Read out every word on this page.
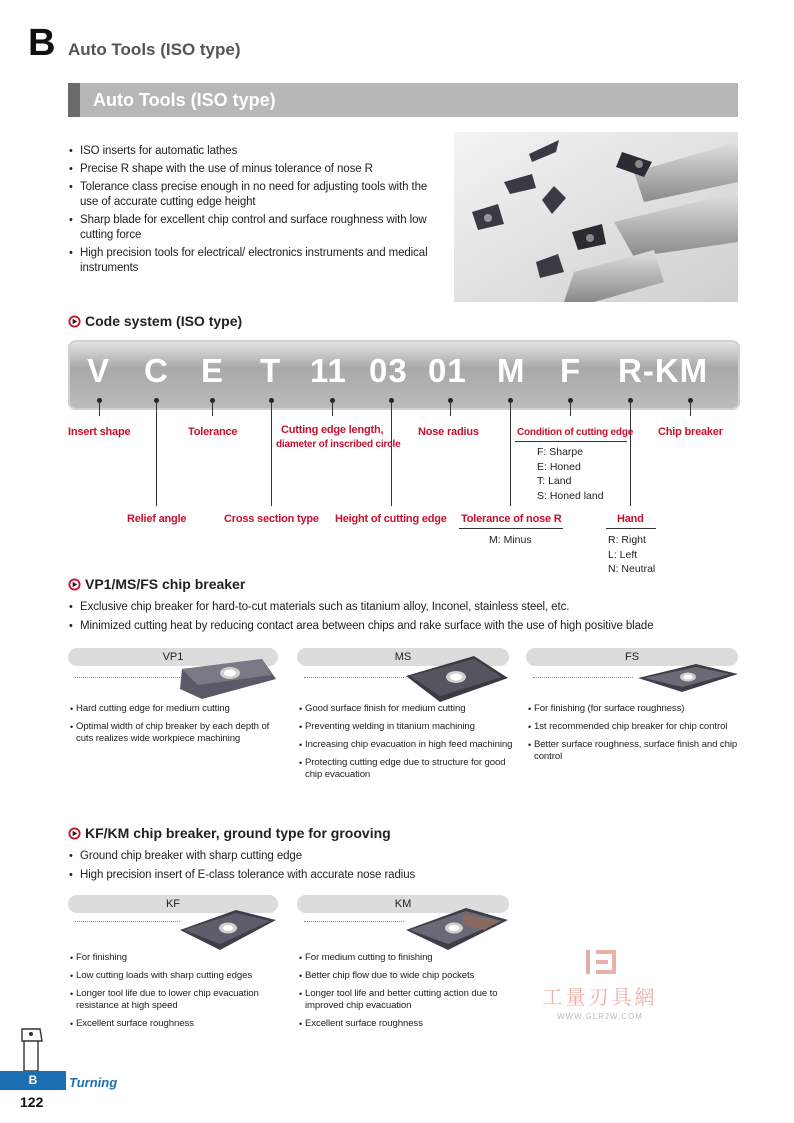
B Auto Tools (ISO type)
Auto Tools (ISO type)
• ISO inserts for automatic lathes
• Precise R shape with the use of minus tolerance of nose R
• Tolerance class precise enough in no need for adjusting tools with the use of accurate cutting edge height
• Sharp blade for excellent chip control and surface roughness with low cutting force
• High precision tools for electrical/ electronics instruments and medical instruments
Code system (ISO type)
V C E T 11 03 01 M F R-KM
Insert shape	Tolerance	Cutting edge length,
diameter of inscribed circle
Nose radius	Condition of cutting edge Chip breaker
F: Sharpe
E: Honed
T: Land
S: Honed land
Relief angle	Cross section type Height of cutting edge Tolerance of nose R
M: Minus
Hand
R: Right
L: Left
N: Neutral
VP1/MS/FS chip breaker
• Exclusive chip breaker for hard-to-cut materials such as titanium alloy, Inconel, stainless steel, etc.
• Minimized cutting heat by reducing contact area between chips and rake surface with the use of high positive blade
VP1
• Hard cutting edge for medium cutting
• Optimal width of chip breaker by each depth of cuts realizes wide workpiece machining
MS
• Good surface finish for medium cutting
• Preventing welding in titanium machining
• Increasing chip evacuation in high feed machining
• Protecting cutting edge due to structure for good chip evacuation
FS
• For finishing (for surface roughness)
• 1st recommended chip breaker for chip control
• Better surface roughness, surface finish and chip control
KF/KM chip breaker, ground type for grooving
• Ground chip breaker with sharp cutting edge
• High precision insert of E-class tolerance with accurate nose radius
KF
• For finishing
• Low cutting loads with sharp cutting edges
• Longer tool life due to lower chip evacuation resistance at high speed
• Excellent surface roughness
KM
• For medium cutting to finishing
• Better chip flow due to wide chip pockets
• Longer tool life and better cutting action due to improved chip evacuation
• Excellent surface roughness
工量刃具網
WWW.GLRJW.COM
B	Turning
122
